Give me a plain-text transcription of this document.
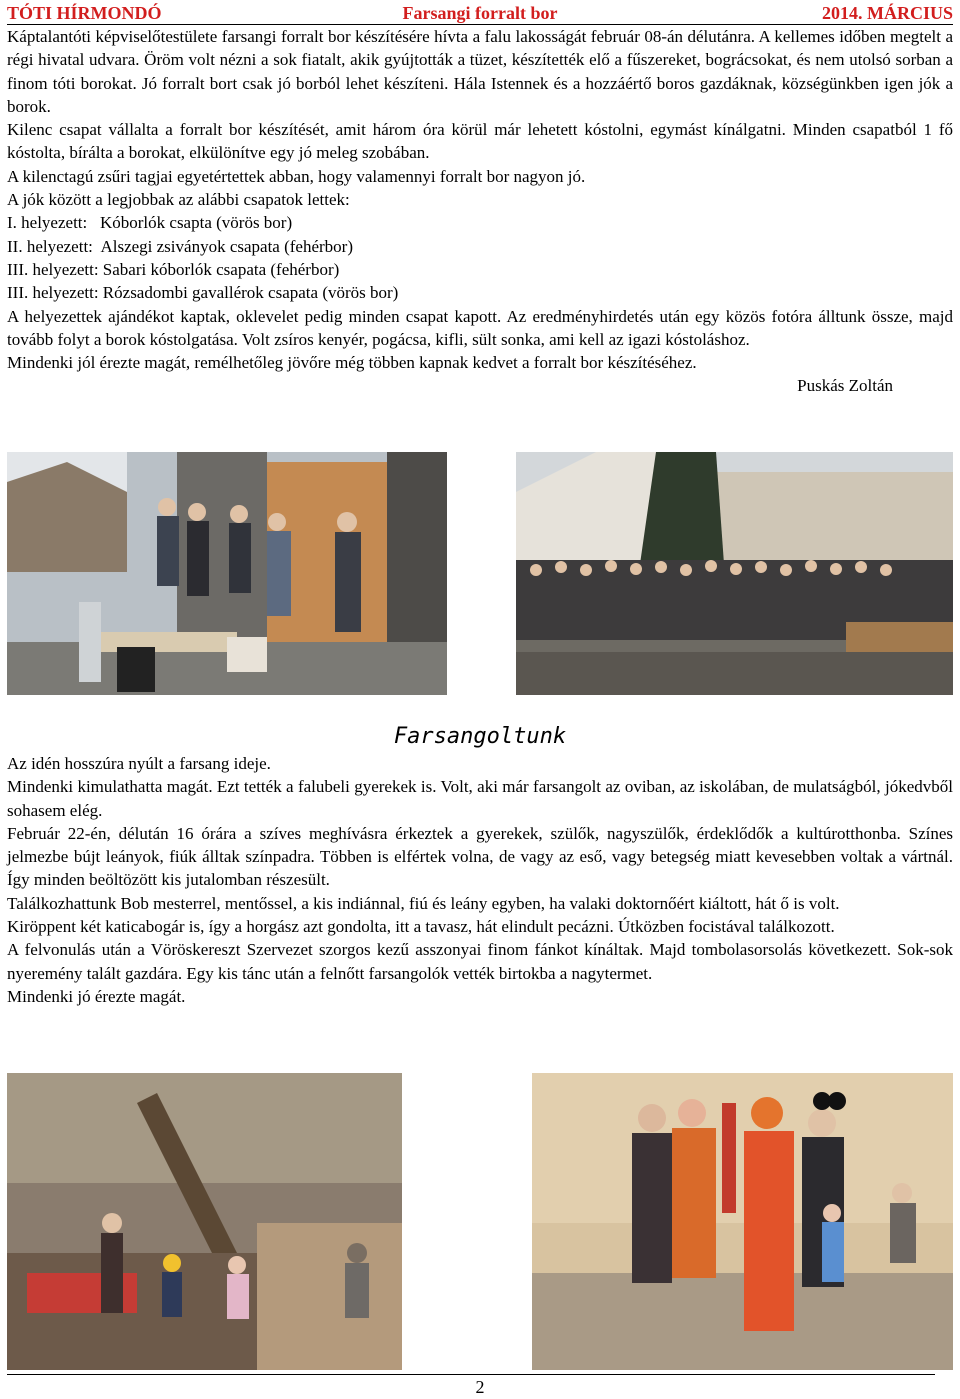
TÓTI HÍRMONDÓ	Farsangi forralt bor	2014. MÁRCIUS

Káptalantóti képviselőtestülete farsangi forralt bor készítésére hívta a falu lakosságát február 08-án délutánra. A kellemes időben megtelt a régi hivatal udvara. Öröm volt nézni a sok fiatalt, akik gyújtották a tüzet, készítették elő a fűszereket, bográcsokat, és nem utolsó sorban a finom tóti borokat. Jó forralt bort csak jó borból lehet készíteni. Hála Istennek és a hozzáértő boros gazdáknak, községünkben igen jók a borok.

Kilenc csapat vállalta a forralt bor készítését, amit három óra körül már lehetett kóstolni, egymást kínálgatni. Minden csapatból 1 fő kóstolta, bírálta a borokat, elkülönítve egy jó meleg szobában.

A kilenctagú zsűri tagjai egyetértettek abban, hogy valamennyi forralt bor nagyon jó.

A jók között a legjobbak az alábbi csapatok lettek:

I. helyezett:   Kóborlók csapta (vörös bor)

II. helyezett:  Alszegi zsiványok csapata (fehérbor)

III. helyezett: Sabari kóborlók csapata (fehérbor)

III. helyezett: Rózsadombi gavallérok csapata (vörös bor)

A helyezettek ajándékot kaptak, oklevelet pedig minden csapat kapott. Az eredményhirdetés után egy közös fotóra álltunk össze, majd tovább folyt a borok kóstolgatása. Volt zsíros kenyér, pogácsa, kifli, sült sonka, ami kell az igazi kóstoláshoz.

Mindenki jól érezte magát, remélhetőleg jövőre még többen kapnak kedvet a forralt bor készítéséhez.

Puskás Zoltán

Farsangoltunk

Az idén hosszúra nyúlt a farsang ideje.

Mindenki kimulathatta magát. Ezt tették a falubeli gyerekek is. Volt, aki már farsangolt az oviban, az iskolában, de mulatságból, jókedvből sohasem elég.

Február 22-én, délután 16 órára a szíves meghívásra érkeztek a gyerekek, szülők, nagyszülők, érdeklődők a kultúrotthonba. Színes jelmezbe bújt leányok, fiúk álltak színpadra. Többen is elfértek volna, de vagy az eső, vagy betegség miatt kevesebben voltak a vártnál. Így minden beöltözött kis jutalomban részesült.

Találkozhattunk Bob mesterrel, mentőssel, a kis indiánnal, fiú és leány egyben, ha valaki doktornőért kiáltott, hát ő is volt.

Kiröppent két katicabogár is, így a horgász azt gondolta, itt a tavasz, hát elindult pecázni. Útközben focistával találkozott.

A felvonulás után a Vöröskereszt Szervezet szorgos kezű asszonyai finom fánkot kínáltak. Majd tombolasorsolás következett. Sok-sok nyeremény talált gazdára. Egy kis tánc után a felnőtt farsangolók vették birtokba a nagytermet.

Mindenki jó érezte magát.

2
